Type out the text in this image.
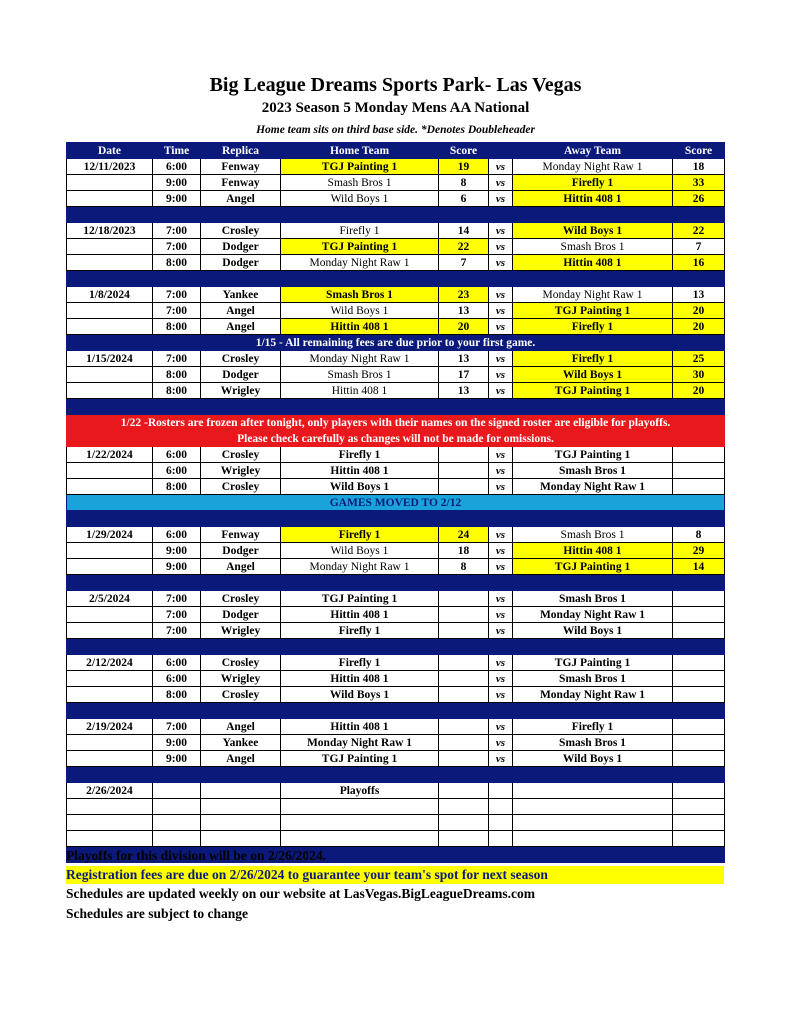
Big League Dreams Sports Park- Las Vegas
2023 Season 5 Monday Mens AA National
Home team sits on third base side. *Denotes Doubleheader
Date	Time	Replica	Home Team	Score		Away Team	Score
12/11/2023	6:00	Fenway	TGJ Painting 1	19	vs	Monday Night Raw 1	18
	9:00	Fenway	Smash Bros 1	8	vs	Firefly 1	33
	9:00	Angel	Wild Boys 1	6	vs	Hittin 408 1	26

12/18/2023	7:00	Crosley	Firefly 1	14	vs	Wild Boys 1	22
	7:00	Dodger	TGJ Painting 1	22	vs	Smash Bros 1	7
	8:00	Dodger	Monday Night Raw 1	7	vs	Hittin 408 1	16

1/8/2024	7:00	Yankee	Smash Bros 1	23	vs	Monday Night Raw 1	13
	7:00	Angel	Wild Boys 1	13	vs	TGJ Painting 1	20
	8:00	Angel	Hittin 408 1	20	vs	Firefly 1	20
1/15 - All remaining fees are due prior to your first game.							
1/15/2024	7:00	Crosley	Monday Night Raw 1	13	vs	Firefly 1	25
	8:00	Dodger	Smash Bros 1	17	vs	Wild Boys 1	30
	8:00	Wrigley	Hittin 408 1	13	vs	TGJ Painting 1	20

1/22 -Rosters are frozen after tonight, only players with their names on the signed roster are eligible for playoffs.							
Please check carefully as changes will not be made for omissions.							
1/22/2024	6:00	Crosley	Firefly 1		vs	TGJ Painting 1	
	6:00	Wrigley	Hittin 408 1		vs	Smash Bros 1	
	8:00	Crosley	Wild Boys 1		vs	Monday Night Raw 1	
GAMES MOVED TO 2/12							

1/29/2024	6:00	Fenway	Firefly 1	24	vs	Smash Bros 1	8
	9:00	Dodger	Wild Boys 1	18	vs	Hittin 408 1	29
	9:00	Angel	Monday Night Raw 1	8	vs	TGJ Painting 1	14

2/5/2024	7:00	Crosley	TGJ Painting 1		vs	Smash Bros 1	
	7:00	Dodger	Hittin 408 1		vs	Monday Night Raw 1	
	7:00	Wrigley	Firefly 1		vs	Wild Boys 1	

2/12/2024	6:00	Crosley	Firefly 1		vs	TGJ Painting 1	
	6:00	Wrigley	Hittin 408 1		vs	Smash Bros 1	
	8:00	Crosley	Wild Boys 1		vs	Monday Night Raw 1	

2/19/2024	7:00	Angel	Hittin 408 1		vs	Firefly 1	
	9:00	Yankee	Monday Night Raw 1		vs	Smash Bros 1	
	9:00	Angel	TGJ Painting 1		vs	Wild Boys 1	

2/26/2024			Playoffs				

Playoffs for this division will be on 2/26/2024.
Registration fees are due on 2/26/2024 to guarantee your team's spot for next season
Schedules are updated weekly on our website at LasVegas.BigLeagueDreams.com
Schedules are subject to change
